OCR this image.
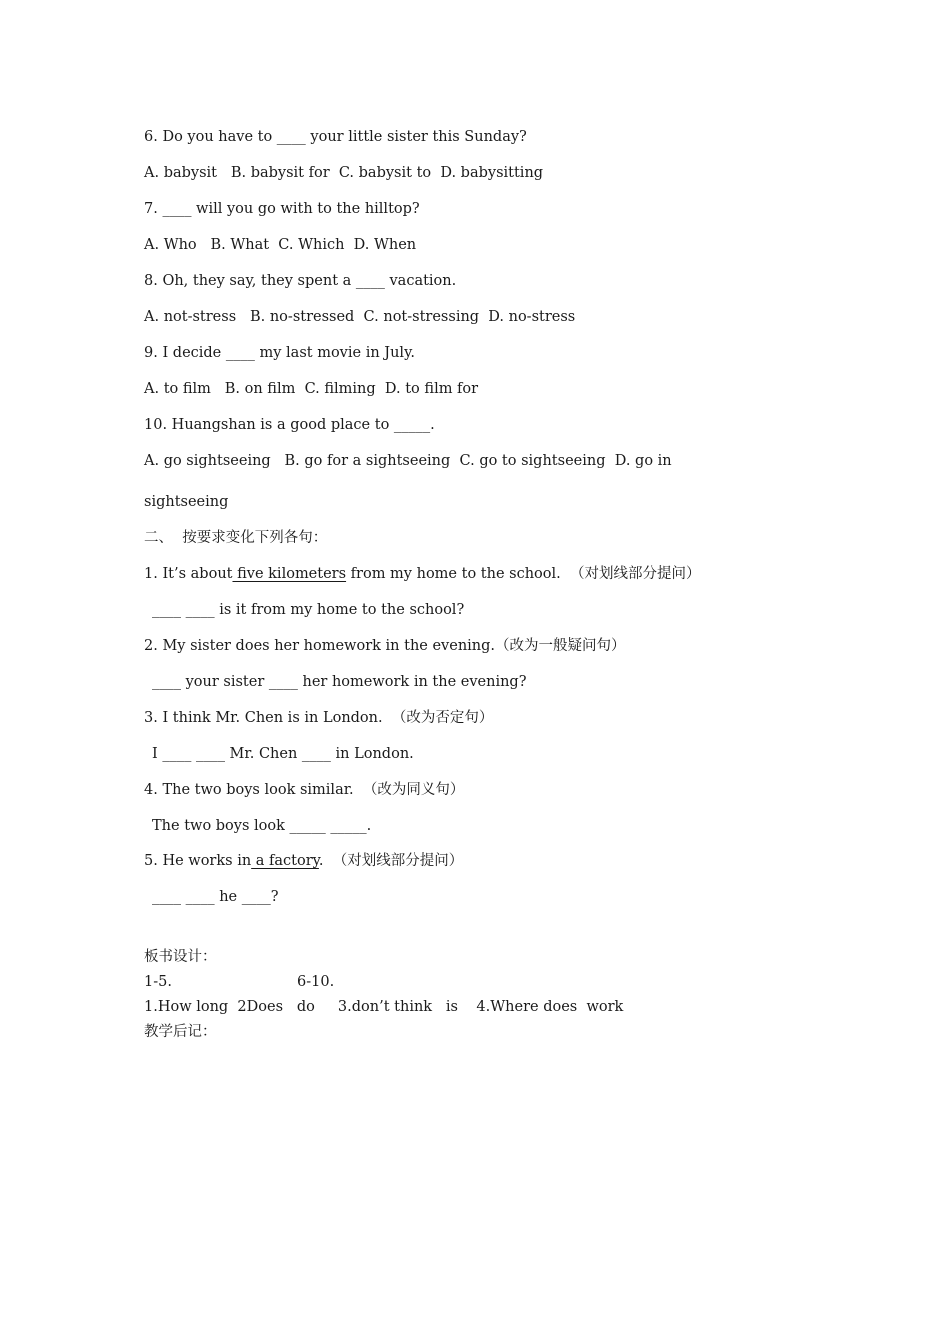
6. Do you have to ____ your little sister this Sunday?
A. babysit   B. babysit for  C. babysit to  D. babysitting
7. ____ will you go with to the hilltop?
A. Who   B. What  C. Which  D. When
8. Oh, they say, they spent a ____ vacation.
A. not-stress   B. no-stressed  C. not-stressing  D. no-stress
9. I decide ____ my last movie in July.
A. to film   B. on film  C. filming  D. to film for
10. Huangshan is a good place to _____.
A. go sightseeing   B. go for a sightseeing  C. go to sightseeing  D. go in
sightseeing
二、  按要求变化下列各句：
1. It’s about five kilometers from my home to the school.  （对划线部分提问）
____ ____ is it from my home to the school?
2. My sister does her homework in the evening.（改为一般疑问句）
____ your sister ____ her homework in the evening?
3. I think Mr. Chen is in London.  （改为否定句）
I ____ ____ Mr. Chen ____ in London.
4. The two boys look similar.  （改为同义句）
The two boys look _____ _____.
5. He works in a factory.  （对划线部分提问）
____ ____ he ____?
板书设计：
1-5.	6-10.
1.How long  2Does   do     3.don’t think   is    4.Where does  work
教学后记：
